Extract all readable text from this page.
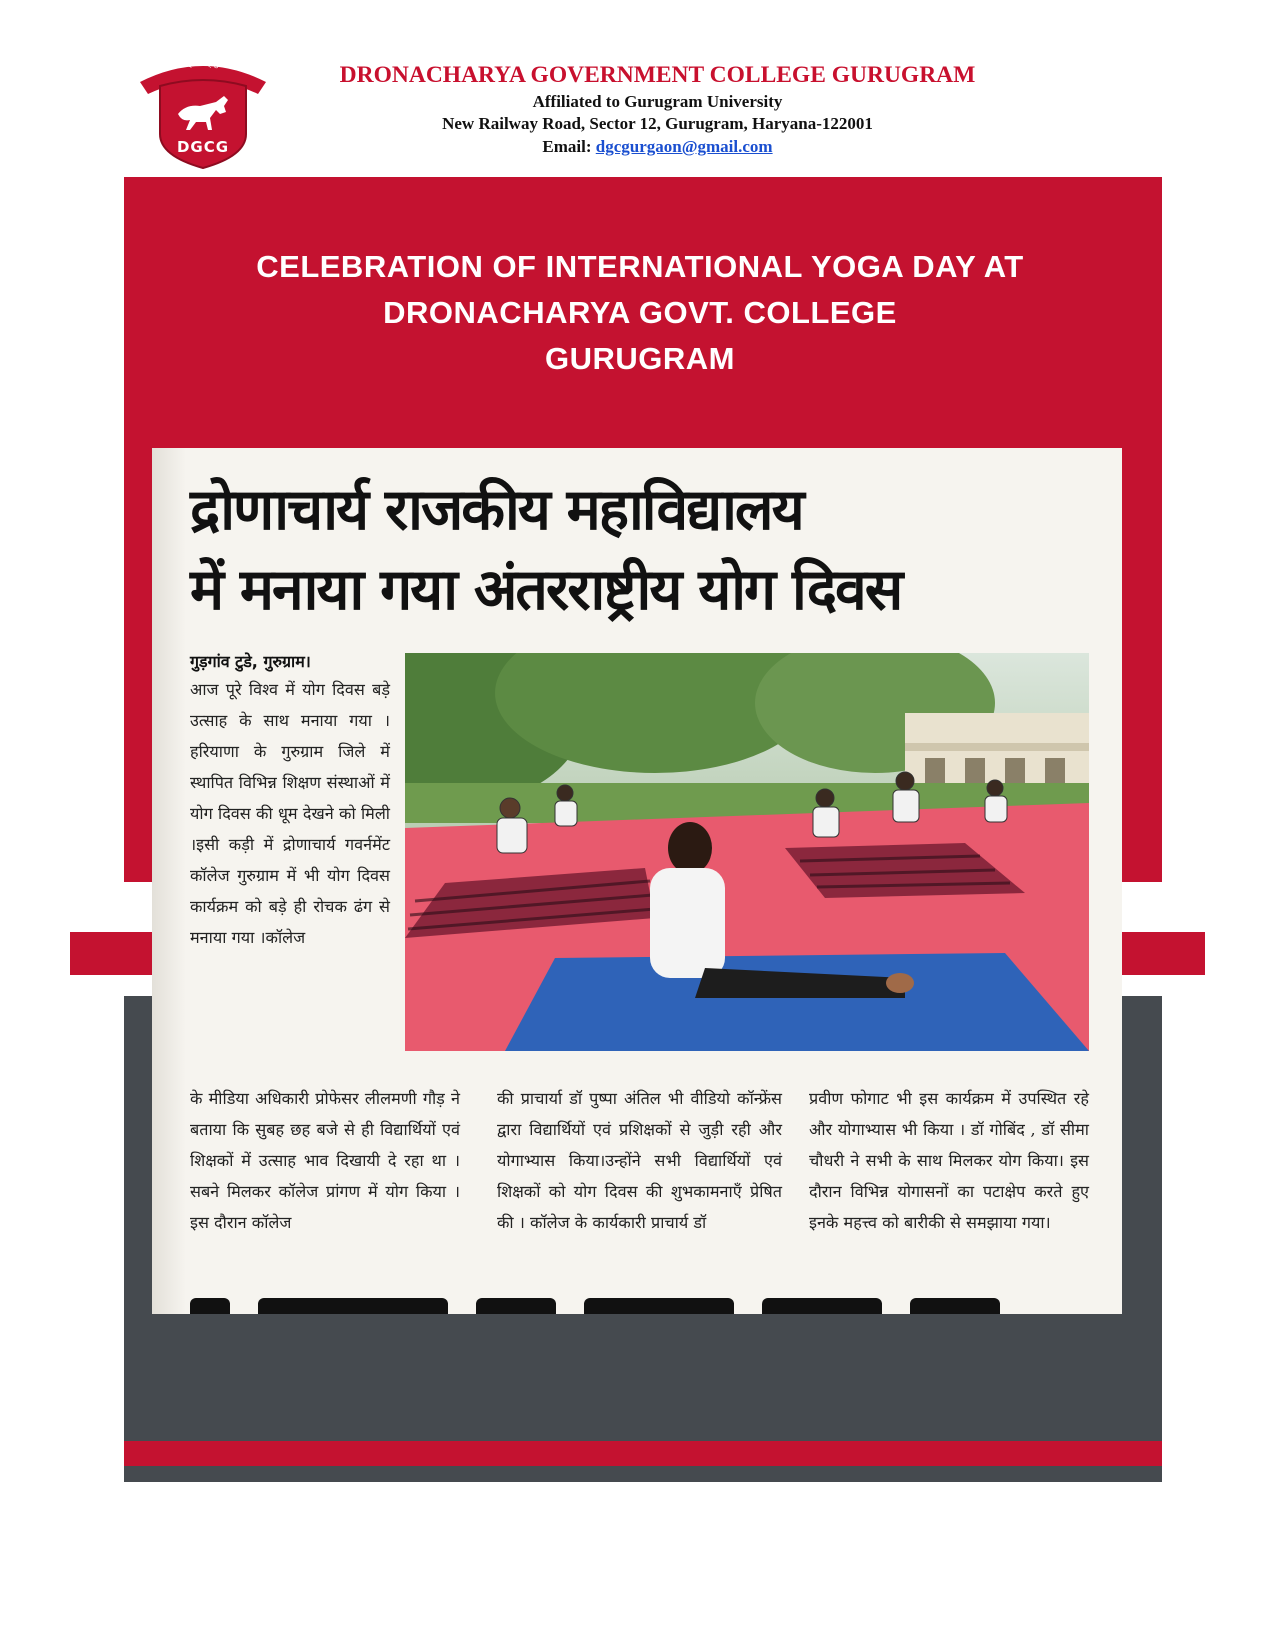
सत्यम् शिवम् सुन्दरम्
DGCG
DRONACHARYA GOVERNMENT COLLEGE GURUGRAM
Affiliated to Gurugram University
New Railway Road, Sector 12, Gurugram, Haryana-122001
Email: dgcgurgaon@gmail.com
CELEBRATION OF INTERNATIONAL YOGA DAY AT
DRONACHARYA GOVT. COLLEGE
GURUGRAM
द्रोणाचार्य राजकीय महाविद्यालय
में मनाया गया अंतरराष्ट्रीय योग दिवस
गुड़गांव टुडे, गुरुग्राम।
आज पूरे विश्व में योग दिवस बड़े उत्साह के साथ मनाया गया । हरियाणा के गुरुग्राम जिले में स्थापित विभिन्न शिक्षण संस्थाओं में योग दिवस की धूम देखने को मिली ।इसी कड़ी में द्रोणाचार्य गवर्नमेंट कॉलेज गुरुग्राम में भी योग दिवस कार्यक्रम को बड़े ही रोचक ढंग से मनाया गया ।कॉलेज
के मीडिया अधिकारी प्रोफेसर लीलमणी गौड़ ने बताया कि सुबह छह बजे से ही विद्यार्थियों एवं शिक्षकों में उत्साह भाव दिखायी दे रहा था । सबने मिलकर कॉलेज प्रांगण में योग किया । इस दौरान कॉलेज
की प्राचार्या डॉ पुष्पा अंतिल भी वीडियो कॉन्फ्रेंस द्वारा विद्यार्थियों एवं प्रशिक्षकों से जुड़ी रही और योगाभ्यास किया।उन्होंने सभी विद्यार्थियों एवं शिक्षकों को योग दिवस की शुभकामनाएँ प्रेषित की । कॉलेज के कार्यकारी प्राचार्य डॉ
प्रवीण फोगाट भी इस कार्यक्रम में उपस्थित रहे और योगाभ्यास भी किया । डॉ गोबिंद , डॉ सीमा चौधरी ने सभी के साथ मिलकर योग किया। इस दौरान विभिन्न योगासनों का पटाक्षेप करते हुए इनके महत्त्व को बारीकी से समझाया गया।
